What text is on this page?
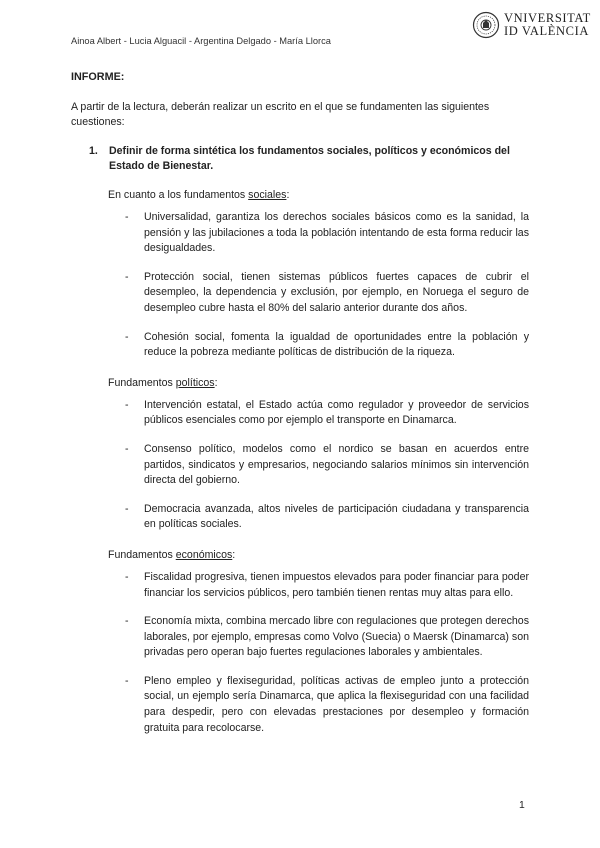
Ainoa Albert - Lucia Alguacil - Argentina Delgado - María Llorca
VNIVERSITAT
ID VALÈNCIA
INFORME:
A partir de la lectura, deberán realizar un escrito en el que se fundamenten las siguientes cuestiones:
1.	Definir de forma sintética los fundamentos sociales, políticos y económicos del Estado de Bienestar.
En cuanto a los fundamentos sociales:
-	Universalidad, garantiza los derechos sociales básicos como es la sanidad, la pensión y las jubilaciones a toda la población intentando de esta forma reducir las desigualdades.
-	Protección social, tienen sistemas públicos fuertes capaces de cubrir el desempleo, la dependencia y exclusión, por ejemplo, en Noruega el seguro de desempleo cubre hasta el 80% del salario anterior durante dos años.
-	Cohesión social, fomenta la igualdad de oportunidades entre la población y reduce la pobreza mediante políticas de distribución de la riqueza.
Fundamentos políticos:
-	Intervención estatal, el Estado actúa como regulador y proveedor de servicios públicos esenciales como por ejemplo el transporte en Dinamarca.
-	Consenso político, modelos como el nordico se basan en acuerdos entre partidos, sindicatos y empresarios, negociando salarios mínimos sin intervención directa del gobierno.
-	Democracia avanzada, altos niveles de participación ciudadana y transparencia en políticas sociales.
Fundamentos económicos:
-	Fiscalidad progresiva, tienen impuestos elevados para poder financiar para poder financiar los servicios públicos, pero también tienen rentas muy altas para ello.
-	Economía mixta, combina mercado libre con regulaciones que protegen derechos laborales, por ejemplo, empresas como Volvo (Suecia) o Maersk (Dinamarca) son privadas pero operan bajo fuertes regulaciones laborales y ambientales.
-	Pleno empleo y flexiseguridad, políticas activas de empleo junto a protección social, un ejemplo sería Dinamarca, que aplica la flexiseguridad con una facilidad para despedir, pero con elevadas prestaciones por desempleo y formación gratuita para recolocarse.
1
